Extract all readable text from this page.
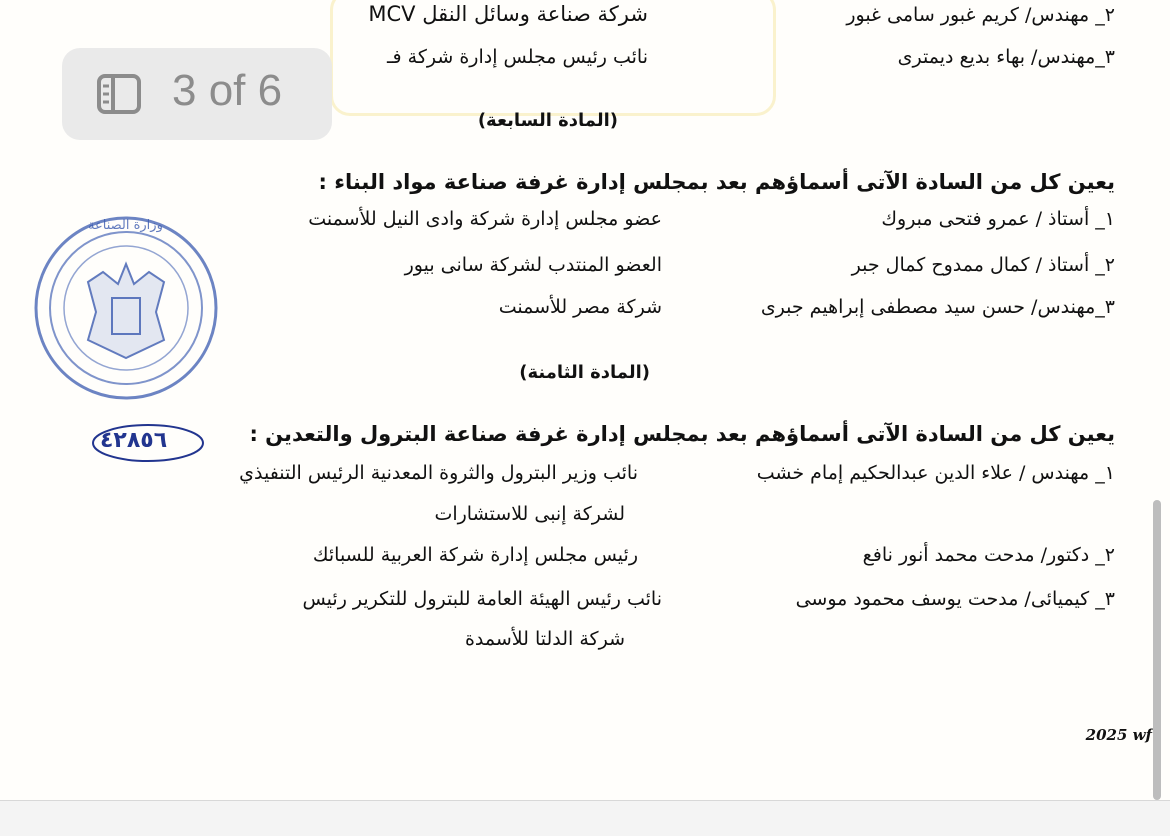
٢_ مهندس/ كريم غبور سامى غبور
شركة صناعة وسائل النقل MCV
٣_مهندس/ بهاء بديع ديمترى
نائب رئيس مجلس إدارة شركة فـ
(المادة السابعة)
يعين كل من السادة الآتى أسماؤهم بعد بمجلس إدارة غرفة صناعة مواد البناء :
١_ أستاذ / عمرو فتحى مبروك
عضو مجلس إدارة شركة وادى النيل للأسمنت
٢_ أستاذ / كمال ممدوح كمال جبر
العضو المنتدب لشركة سانى بيور
٣_مهندس/ حسن سيد مصطفى إبراهيم جبرى
شركة مصر للأسمنت
(المادة الثامنة)
يعين كل من السادة الآتى أسماؤهم بعد بمجلس إدارة غرفة صناعة البترول والتعدين :
١_ مهندس / علاء الدين عبدالحكيم إمام خشب
نائب وزير البترول والثروة المعدنية الرئيس التنفيذي
لشركة إنبى للاستشارات
٢_ دكتور/ مدحت محمد أنور نافع
رئيس مجلس إدارة شركة العربية للسبائك
٣_ كيميائى/ مدحت يوسف محمود موسى
نائب رئيس الهيئة العامة للبترول للتكرير رئيس
شركة الدلتا للأسمدة
وزارة الصناعة
٤٢٨٥٦
2025 wf
3 of 6
